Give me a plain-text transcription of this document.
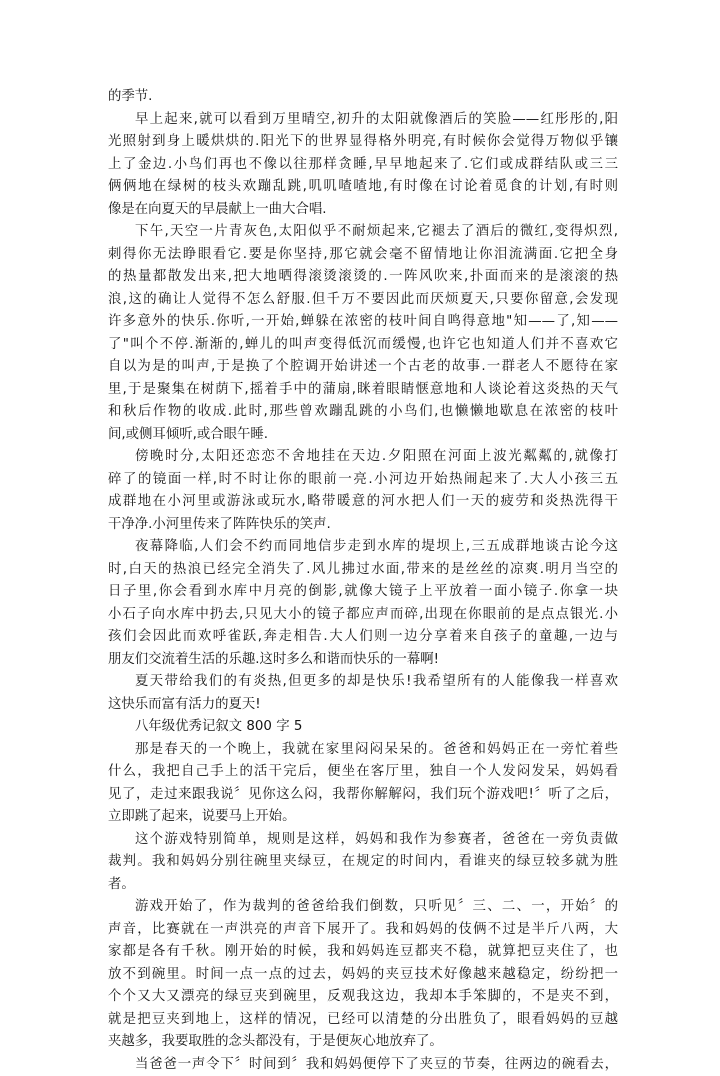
的季节.
早上起来,就可以看到万里晴空,初升的太阳就像酒后的笑脸——红彤彤的,阳
光照射到身上暖烘烘的.阳光下的世界显得格外明亮,有时候你会觉得万物似乎镶
上了金边.小鸟们再也不像以往那样贪睡,早早地起来了.它们或成群结队或三三
俩俩地在绿树的枝头欢蹦乱跳,叽叽喳喳地,有时像在讨论着觅食的计划,有时则
像是在向夏天的早晨献上一曲大合唱.
下午,天空一片青灰色,太阳似乎不耐烦起来,它褪去了酒后的微红,变得炽烈,
刺得你无法睁眼看它.要是你坚持,那它就会毫不留情地让你泪流满面.它把全身
的热量都散发出来,把大地晒得滚烫滚烫的.一阵风吹来,扑面而来的是滚滚的热
浪,这的确让人觉得不怎么舒服.但千万不要因此而厌烦夏天,只要你留意,会发现
许多意外的快乐.你听,一开始,蝉躲在浓密的枝叶间自鸣得意地"知——了,知——
了"叫个不停.渐渐的,蝉儿的叫声变得低沉而缓慢,也许它也知道人们并不喜欢它
自以为是的叫声,于是换了个腔调开始讲述一个古老的故事.一群老人不愿待在家
里,于是聚集在树荫下,摇着手中的蒲扇,眯着眼睛惬意地和人谈论着这炎热的天气
和秋后作物的收成.此时,那些曾欢蹦乱跳的小鸟们,也懒懒地歇息在浓密的枝叶
间,或侧耳倾听,或合眼午睡.
傍晚时分,太阳还恋恋不舍地挂在天边.夕阳照在河面上波光粼粼的,就像打
碎了的镜面一样,时不时让你的眼前一亮.小河边开始热闹起来了.大人小孩三五
成群地在小河里或游泳或玩水,略带暖意的河水把人们一天的疲劳和炎热洗得干
干净净.小河里传来了阵阵快乐的笑声.
夜幕降临,人们会不约而同地信步走到水库的堤坝上,三五成群地谈古论今这
时,白天的热浪已经完全消失了.风儿拂过水面,带来的是丝丝的凉爽.明月当空的
日子里,你会看到水库中月亮的倒影,就像大镜子上平放着一面小镜子.你拿一块
小石子向水库中扔去,只见大小的镜子都应声而碎,出现在你眼前的是点点银光.小
孩们会因此而欢呼雀跃,奔走相告.大人们则一边分享着来自孩子的童趣,一边与
朋友们交流着生活的乐趣.这时多么和谐而快乐的一幕啊!
夏天带给我们的有炎热,但更多的却是快乐!我希望所有的人能像我一样喜欢
这快乐而富有活力的夏天!
八年级优秀记叙文 800 字 5
那是春天的一个晚上，我就在家里闷闷呆呆的。爸爸和妈妈正在一旁忙着些
什么，我把自己手上的活干完后，便坐在客厅里，独自一个人发闷发呆，妈妈看
见了，走过来跟我说〞见你这么闷，我帮你解解闷，我们玩个游戏吧!〞听了之后，
立即跳了起来，说要马上开始。
这个游戏特别简单，规则是这样，妈妈和我作为参赛者，爸爸在一旁负责做
裁判。我和妈妈分别往碗里夹绿豆，在规定的时间内，看谁夹的绿豆较多就为胜
者。
游戏开始了，作为裁判的爸爸给我们倒数，只听见〞三、二、一，开始〞的
声音，比赛就在一声洪亮的声音下展开了。我和妈妈的伎俩不过是半斤八两，大
家都是各有千秋。刚开始的时候，我和妈妈连豆都夹不稳，就算把豆夹住了，也
放不到碗里。时间一点一点的过去，妈妈的夹豆技术好像越来越稳定，纷纷把一
个个又大又漂亮的绿豆夹到碗里，反观我这边，我却本手笨脚的，不是夹不到，
就是把豆夹到地上，这样的情况，已经可以清楚的分出胜负了，眼看妈妈的豆越
夹越多，我要取胜的念头都没有，于是便灰心地放弃了。
当爸爸一声令下〞时间到〞我和妈妈便停下了夹豆的节奏，往两边的碗看去，
